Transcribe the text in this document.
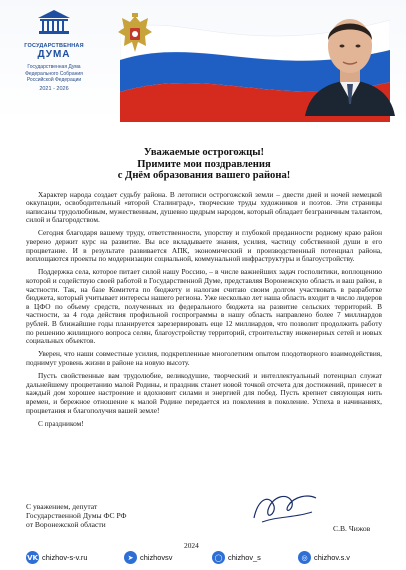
ГОСУДАРСТВЕННАЯ
ДУМА
Государственная Дума
Федерального Собрания
Российской Федерации
2021 - 2026
Уважаемые острогожцы!
Примите мои поздравления
с Днём образования вашего района!

Характер народа создает судьбу района. В летописи острогожской земли – двести дней и ночей немецкой оккупации, освободительный «второй Сталинград», творческие труды художников и поэтов. Эти страницы написаны трудолюбивым, мужественным, душевно щедрым народом, который обладает безграничным талантом, силой и благородством.

Сегодня благодаря вашему труду, ответственности, упорству и глубокой преданности родному краю район уверено держит курс на развитие. Вы все вкладываете знания, усилия, частицу собственной души в его процветание. И в результате развивается АПК, экономический и производственный потенциал района, воплощаются проекты по модернизации социальной, коммунальной инфраструктуры и благоустройству.

Поддержка села, которое питает силой нашу Россию, – в числе важнейших задач госполитики, воплощению которой и содействую своей работой в Государственной Думе, представляя Воронежскую область и ваш район, в частности. Так, на базе Комитета по бюджету и налогам считаю своим долгом участвовать в разработке бюджета, который учитывает интересы нашего региона. Уже несколько лет наша область входит в число лидеров в ЦФО по объему средств, полученных из федерального бюджета на развитие сельских территорий. В частности, за 4 года действия профильной госпрограммы в нашу область направлено более 7 миллиардов рублей. В ближайшие годы планируется зарезервировать еще 12 миллиардов, что позволит продолжить работу по решению жилищного вопроса селян, благоустройству территорий, строительству инженерных сетей и новых социальных объектов.

Уверен, что наши совместные усилия, подкрепленные многолетним опытом плодотворного взаимодействия, поднимут уровень жизни в районе на новую высоту.

Пусть свойственные вам трудолюбие, великодушие, творческий и интеллектуальный потенциал служат дальнейшему процветанию малой Родины, и праздник станет новой точкой отсчета для достижений, принесет в каждый дом хорошее настроение и вдохновит силами и энергией для побед. Пусть крепнет связующая нить времен, и бережное отношение к малой Родине передается из поколения в поколение. Успеха в начинаниях, процветания и благополучия вашей земле!

С праздником!

С уважением, депутат
Государственной Думы ФС РФ
от Воронежской области	С.В. Чижов
2024
VK chizhov-s-v.ru	➤ chizhovsv	◯ chizhov_s	◎ chizhov.s.v
